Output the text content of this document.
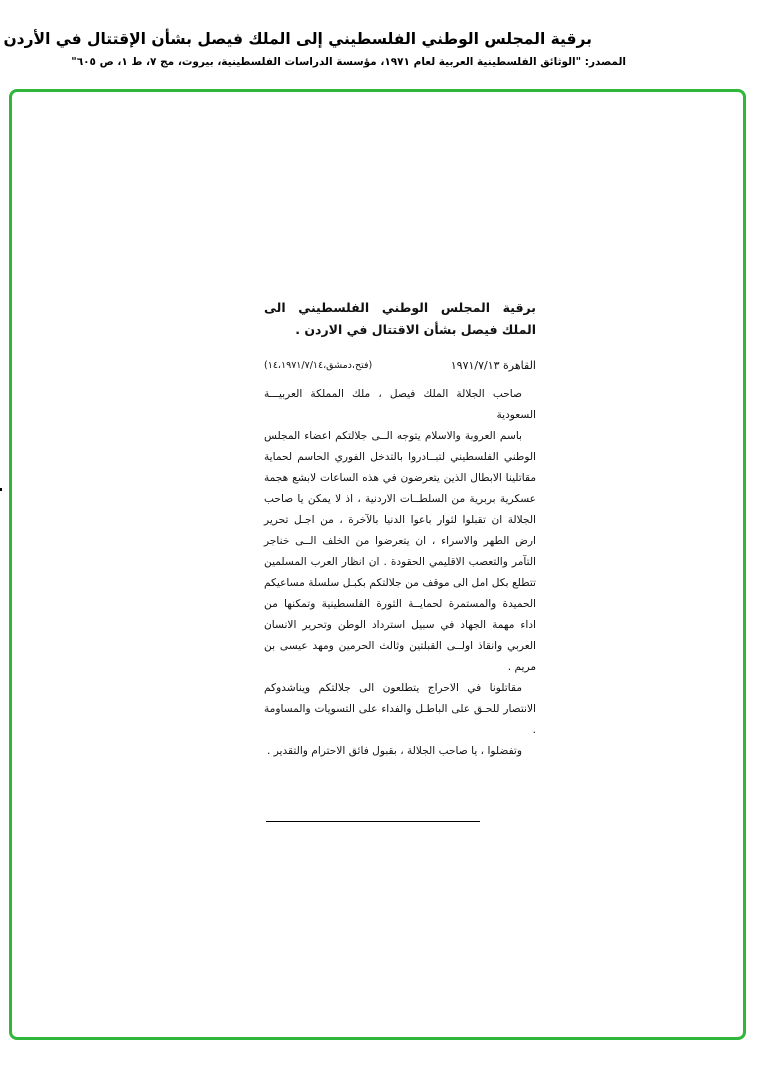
برقية المجلس الوطني الفلسطيني إلى الملك فيصل بشأن الإقتتال في الأردن

المصدر: "الوثائق الفلسطينية العربية لعام ١٩٧١، مؤسسة الدراسات الفلسطينية، بيروت، مج ٧، ط ١، ص ٦٠٥"

برقية المجلس الوطني الفلسطيني الى الملك فيصل بشأن الاقتتال في الاردن .
القاهرة ١٩٧١/٧/١٣
(فتح،دمشق،١٤،١٩٧١/٧/١٤)

صاحب الجلالة الملك فيصل ، ملك المملكة العربيـــة السعودية

باسم العروبة والاسلام يتوجه الــى جلالتكم اعضاء المجلس الوطني الفلسطيني لتبــادروا بالتدخل الفوري الحاسم لحماية مقاتلينا الابطال الذين يتعرضون في هذه الساعات لابشع هجمة عسكرية بربرية من السلطــات الاردنية ، اذ لا يمكن يا صاحب الجلالة ان تقبلوا لثوار باعوا الدنيا بالآخرة ، من اجـل تحرير ارض الطهر والاسراء ، ان يتعرضوا من الخلف الــى خناجر التآمر والتعصب الاقليمي الحقودة . ان انظار العرب المسلمين تتطلع بكل امل الى موقف من جلالتكم بكبـل سلسلة مساعيكم الحميدة والمستمرة لحمايــة الثورة الفلسطينية وتمكنها من اداء مهمة الجهاد في سبيل استرداد الوطن وتحرير الانسان العربي وانقاذ اولــى القبلتين وثالث الحرمين ومهد عيسى بن مريم .

مقاتلونا في الاحراج يتطلعون الى جلالتكم ويناشدوكم الانتصار للحـق على الباطـل والفداء على التسويات والمساومة .

وتفضلوا ، يا صاحب الجلالة ، بقبول فائق الاحترام والتقدير .
